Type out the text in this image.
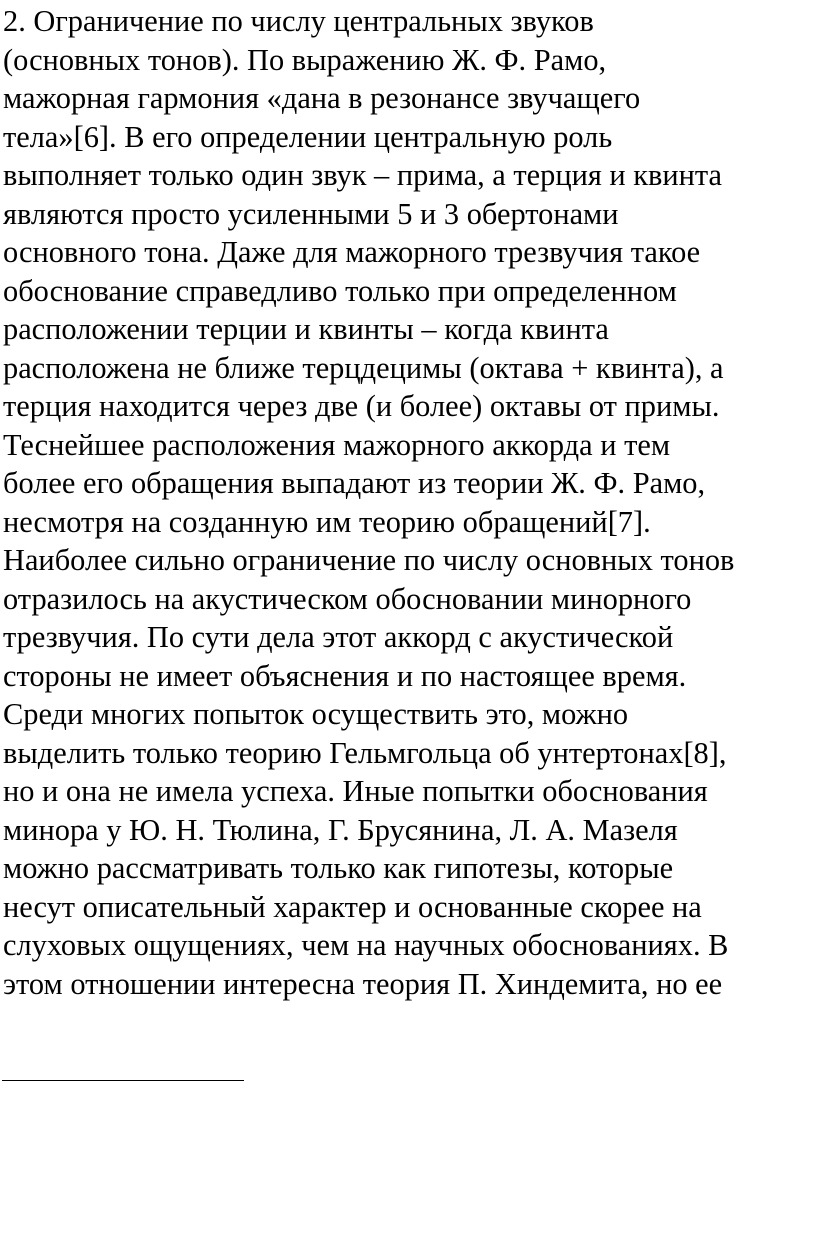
2. Ограничение по числу центральных звуков (основных тонов). По выражению Ж. Ф. Рамо, мажорная гармония «дана в резонансе звучащего тела»[6]. В его определении центральную роль выполняет только один звук – прима, а терция и квинта являются просто усиленными 5 и 3 обертонами основного тона. Даже для мажорного трезвучия такое обоснование справедливо только при определенном расположении терции и квинты – когда квинта расположена не ближе терцдецимы (октава + квинта), а терция находится через две (и более) октавы от примы. Теснейшее расположения мажорного аккорда и тем более его обращения выпадают из теории Ж. Ф. Рамо, несмотря на созданную им теорию обращений[7]. Наиболее сильно ограничение по числу основных тонов отразилось на акустическом обосновании минорного трезвучия. По сути дела этот аккорд с акустической стороны не имеет объяснения и по настоящее время. Среди многих попыток осуществить это, можно выделить только теорию Гельмгольца об унтертонах[8], но и она не имела успеха. Иные попытки обоснования минора у Ю. Н. Тюлина, Г. Брусянина, Л. А. Мазеля можно рассматривать только как гипотезы, которые несут описательный характер и основанные скорее на слуховых ощущениях, чем на научных обоснованиях. В этом отношении интересна теория П. Хиндемита, но ее
